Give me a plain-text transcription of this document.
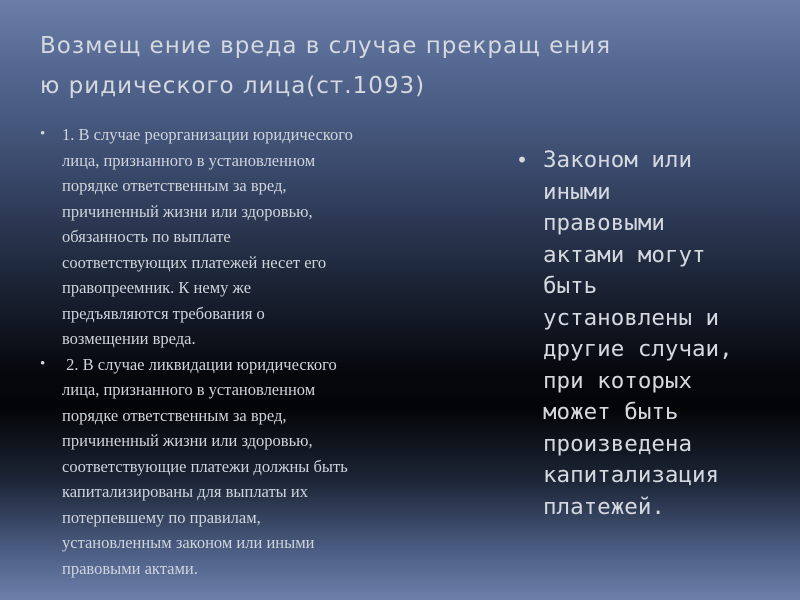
Возмещ ение вреда в случае прекращ ения
ю ридического лица(ст.1093)
• 1. В случае реорганизации юридического
лица, признанного в установленном
порядке ответственным за вред,
причиненный жизни или здоровью,
обязанность по выплате
соответствующих платежей несет его
правопреемник. К нему же
предъявляются требования о
возмещении вреда.
• 2. В случае ликвидации юридического
лица, признанного в установленном
порядке ответственным за вред,
причиненный жизни или здоровью,
соответствующие платежи должны быть
капитализированы для выплаты их
потерпевшему по правилам,
установленным законом или иными
правовыми актами.
• Законом или
иными
правовыми
актами могут
быть
установлены и
другие случаи,
при которых
может быть
произведена
капитализация
платежей.
